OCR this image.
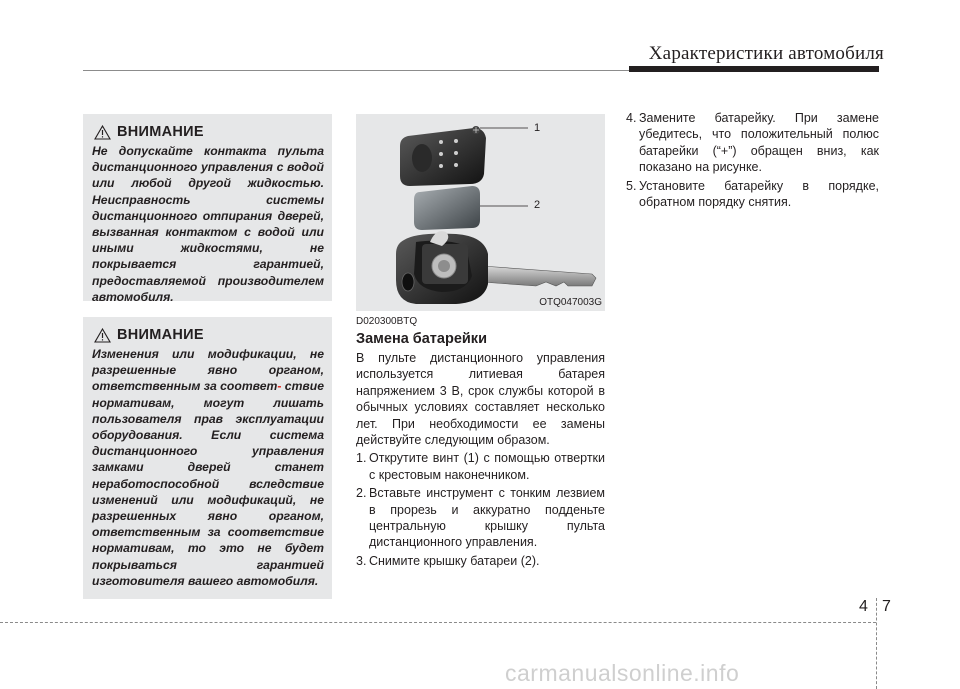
Характеристики автомобиля
ВНИМАНИЕ
Не допускайте контакта пульта дистанционного управления с водой или любой другой жидкостью. Неисправность системы дистанционного отпирания дверей, вызванная контактом с водой или иными жидкостями, не покрывается гарантией, предоставляемой производителем автомобиля.
ВНИМАНИЕ
Изменения или модификации, не разрешенные явно органом, ответственным за соответ- ствие нормативам, могут лишать пользователя прав эксплуатации оборудования. Если система дистанционного управления замками дверей станет неработоспособной вследствие изменений или модификаций, не разрешенных явно органом, ответственным за соответствие нормативам, то это не будет покрываться гарантией изготовителя вашего автомобиля.
1
2
OTQ047003G
D020300BTQ
Замена батарейки

В пульте дистанционного управления используется литиевая батарея напряжением 3 В, срок службы которой в обычных условиях составляет несколько лет. При необходимости ее замены действуйте следующим образом.

1. Открутите винт (1) с помощью отвертки с крестовым наконечником.
2. Вставьте инструмент с тонким лезвием в прорезь и аккуратно подденьте центральную крышку пульта дистанционного управления.
3. Снимите крышку батареи (2).
4. Замените батарейку. При замене убедитесь, что положительный полюс батарейки (“+”) обращен вниз, как показано на рисунке.
5. Установите батарейку в порядке, обратном порядку снятия.
4 7
carmanualsonline.info
